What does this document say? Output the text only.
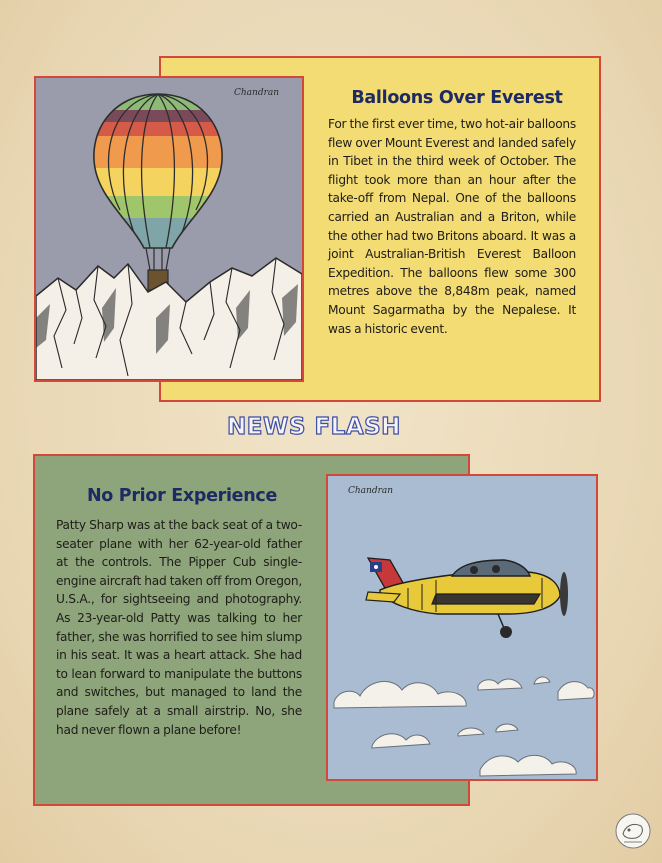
Chandran	Balloons Over Everest
For the first ever time, two hot-air balloons flew over Mount Everest and landed safely in Tibet in the third week of October. The flight took more than an hour after the take-off from Nepal. One of the balloons carried an Australian and a Briton, while the other had two Britons aboard. It was a joint Australian-British Everest Balloon Expedition. The balloons flew some 300 metres above the 8,848m peak, named Mount Sagarmatha by the Nepalese. It was a historic event.
NEWS FLASH
Chandran
No Prior Experience
Patty Sharp was at the back seat of a two-seater plane with her 62-year-old father at the controls. The Pipper Cub single-engine aircraft had taken off from Oregon, U.S.A., for sightseeing and photography. As 23-year-old Patty was talking to her father, she was horrified to see him slump in his seat. It was a heart attack. She had to lean forward to manipulate the buttons and switches, but managed to land the plane safely at a small airstrip. No, she had never flown a plane before!
